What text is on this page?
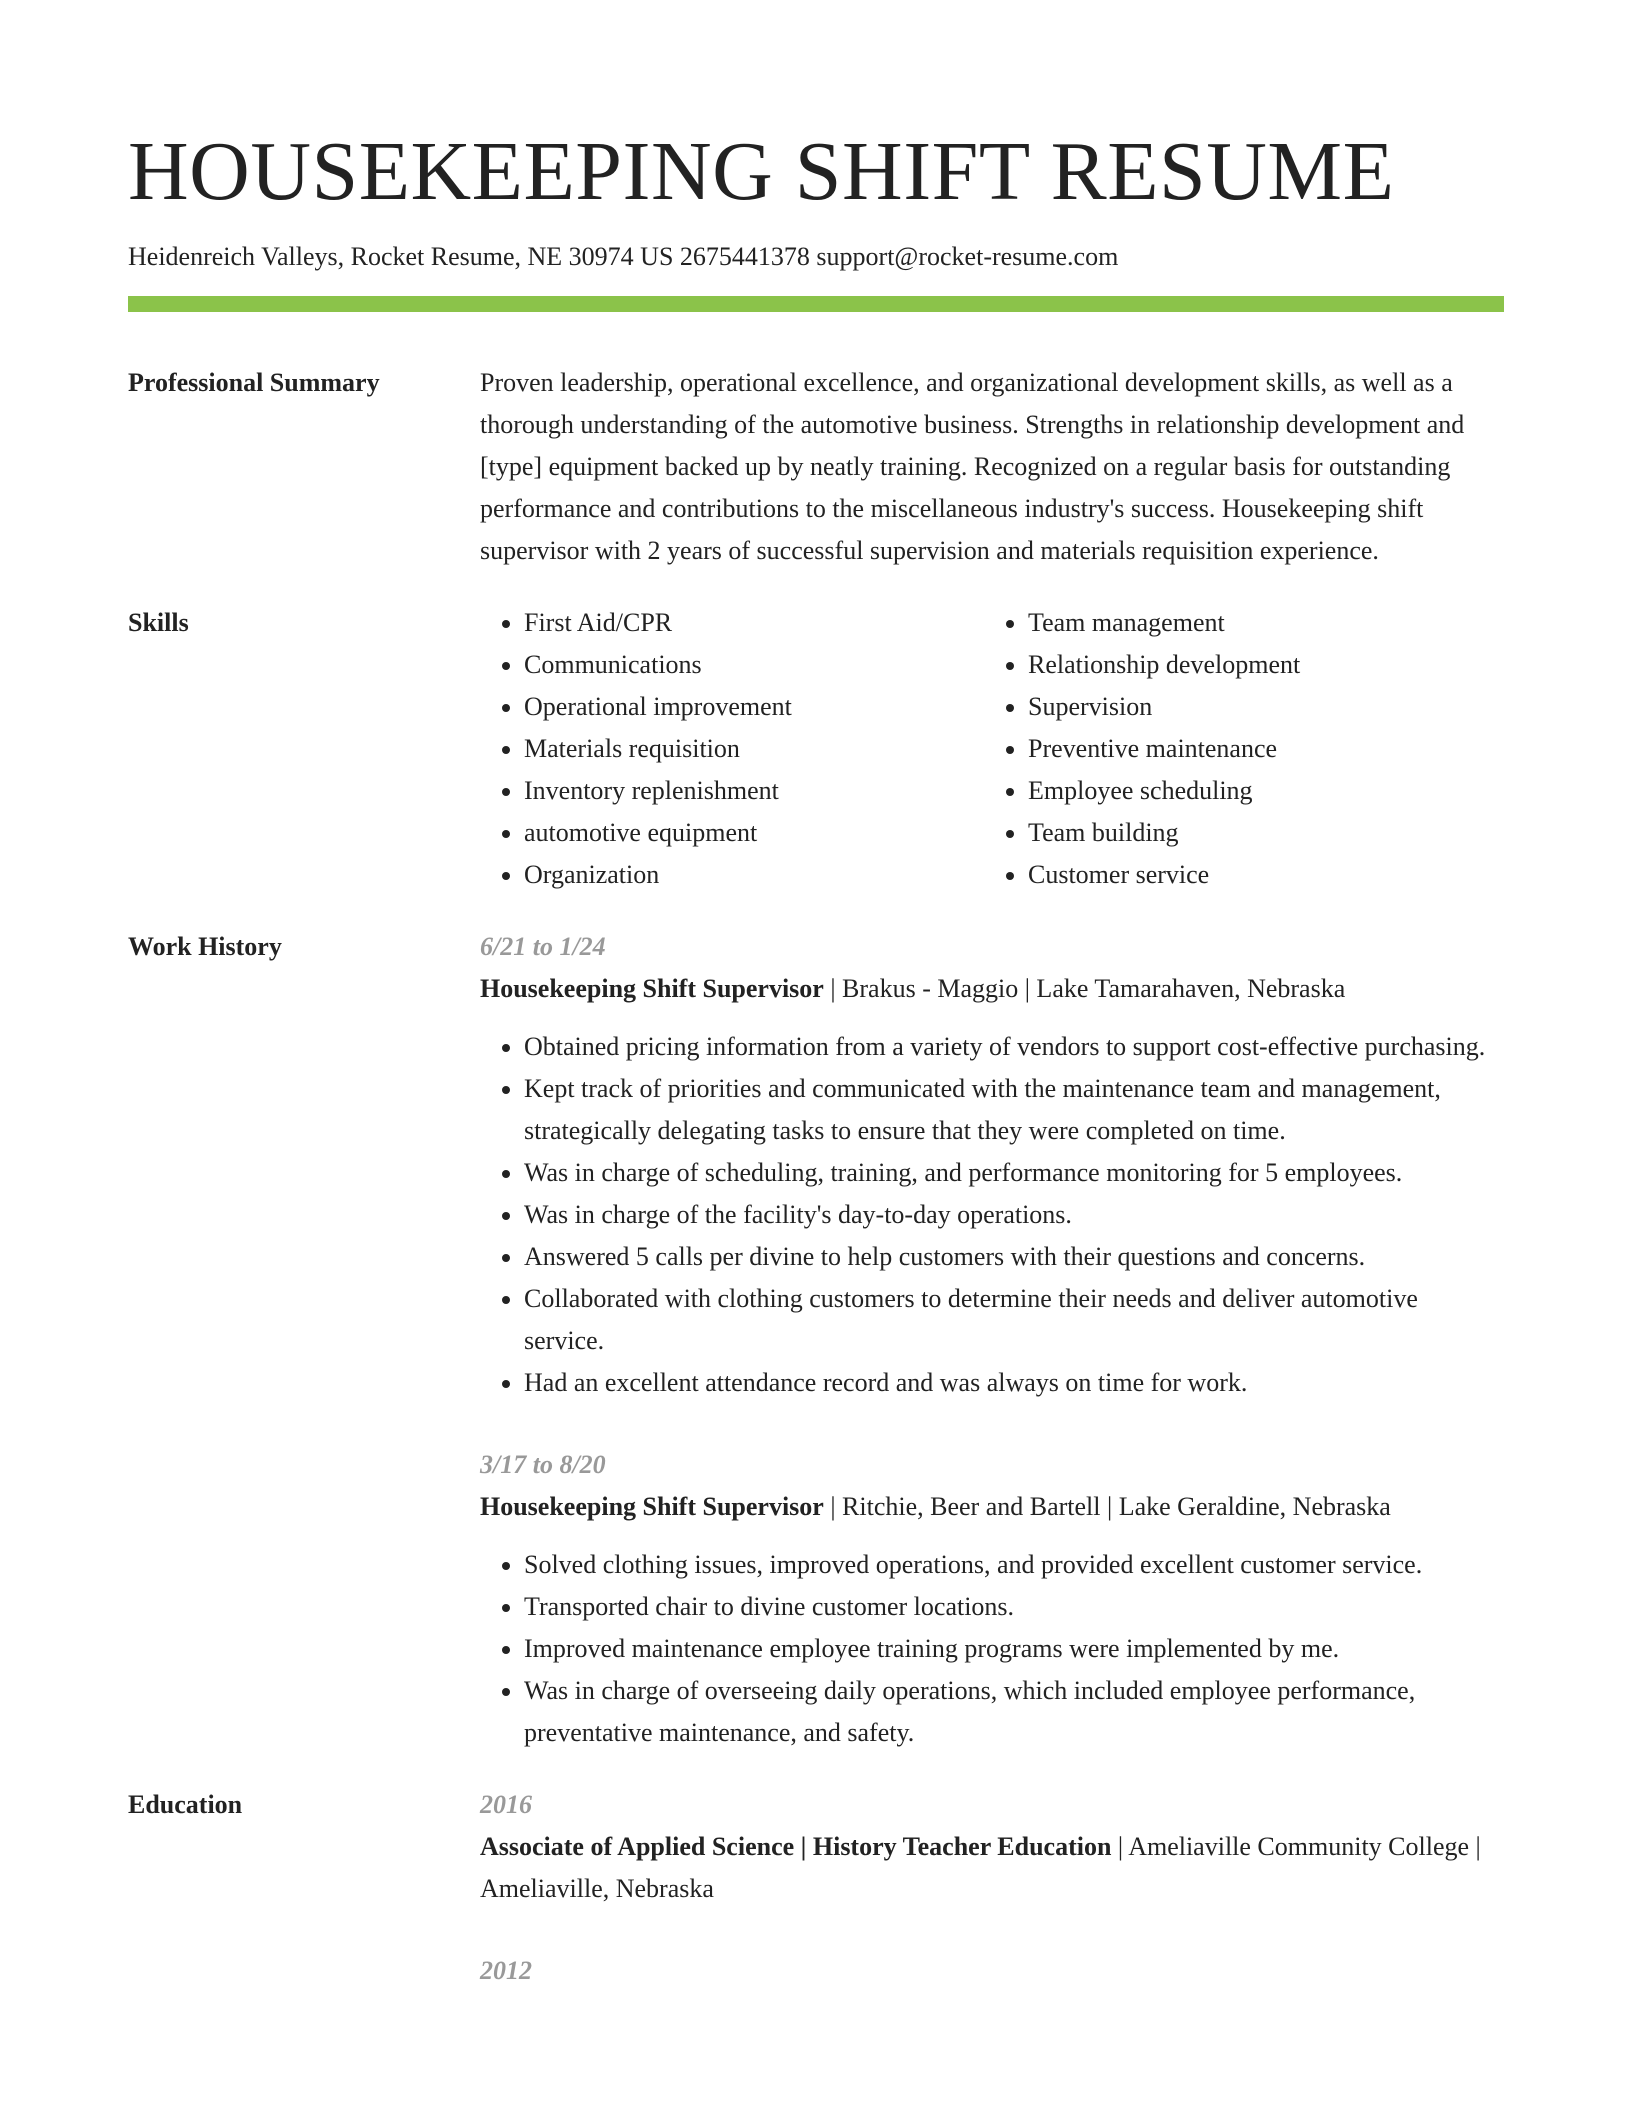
HOUSEKEEPING SHIFT RESUME
Heidenreich Valleys, Rocket Resume, NE 30974 US 2675441378 support@rocket-resume.com
Professional Summary	Proven leadership, operational excellence, and organizational development skills, as well as a thorough understanding of the automotive business. Strengths in relationship development and [type] equipment backed up by neatly training. Recognized on a regular basis for outstanding performance and contributions to the miscellaneous industry's success. Housekeeping shift supervisor with 2 years of successful supervision and materials requisition experience.

Skills
•	First Aid/CPR
• Communications
• Operational improvement
• Materials requisition
• Inventory replenishment
• automotive equipment
• Organization
• Team management
• Relationship development
• Supervision
• Preventive maintenance
• Employee scheduling
• Team building
• Customer service
Work History	6/21 to 1/24
Housekeeping Shift Supervisor | Brakus - Maggio | Lake Tamarahaven, Nebraska
• Obtained pricing information from a variety of vendors to support cost-effective purchasing.
• Kept track of priorities and communicated with the maintenance team and management, strategically delegating tasks to ensure that they were completed on time.
• Was in charge of scheduling, training, and performance monitoring for 5 employees.
• Was in charge of the facility's day-to-day operations.
• Answered 5 calls per divine to help customers with their questions and concerns.
• Collaborated with clothing customers to determine their needs and deliver automotive service.
• Had an excellent attendance record and was always on time for work.
3/17 to 8/20
Housekeeping Shift Supervisor | Ritchie, Beer and Bartell | Lake Geraldine, Nebraska
• Solved clothing issues, improved operations, and provided excellent customer service.
• Transported chair to divine customer locations.
• Improved maintenance employee training programs were implemented by me.
• Was in charge of overseeing daily operations, which included employee performance, preventative maintenance, and safety.
Education	2016
Associate of Applied Science | History Teacher Education | Ameliaville Community College | Ameliaville, Nebraska
2012
